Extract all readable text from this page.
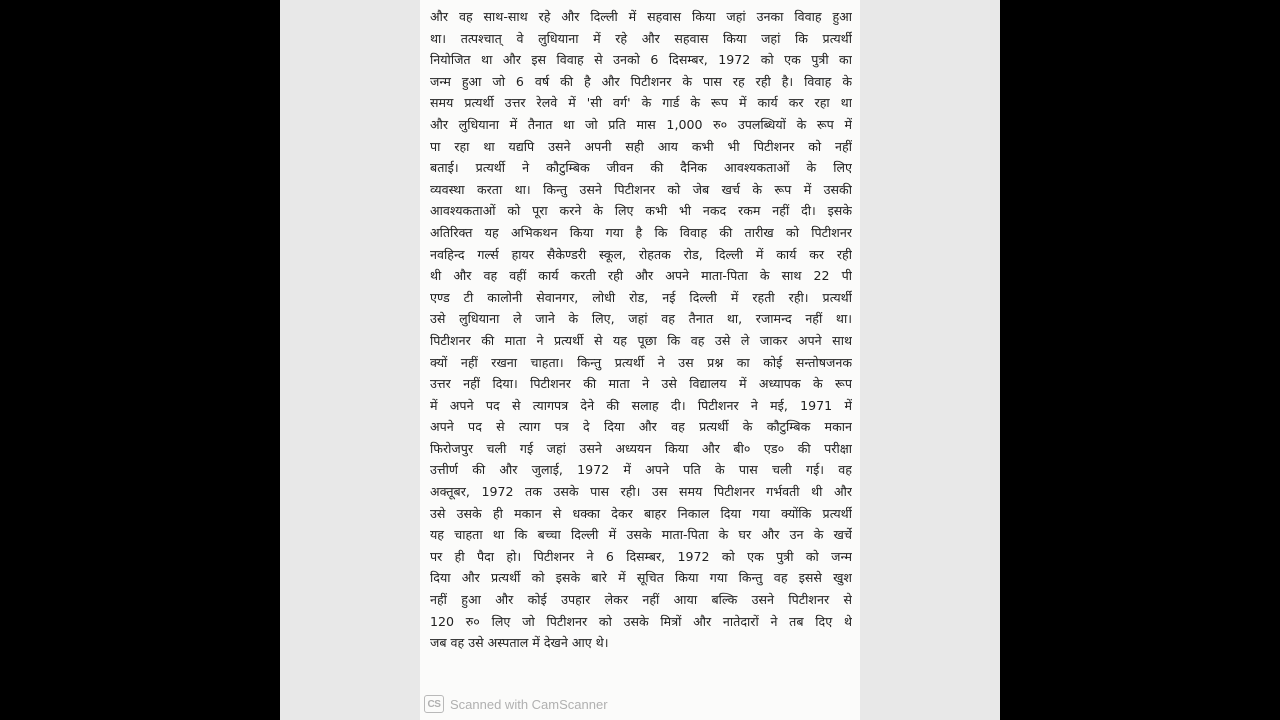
और वह साथ-साथ रहे और दिल्ली में सहवास किया जहां उनका विवाह हुआ
था। तत्पश्चात् वे लुधियाना में रहे और सहवास किया जहां कि प्रत्यर्थी
नियोजित था और इस विवाह से उनको 6 दिसम्बर, 1972 को एक पुत्री का
जन्म हुआ जो 6 वर्ष की है और पिटीशनर के पास रह रही है। विवाह के
समय प्रत्यर्थी उत्तर रेलवे में 'सी वर्ग' के गार्ड के रूप में कार्य कर रहा था
और लुधियाना में तैनात था जो प्रति मास 1,000 रु० उपलब्धियों के रूप में
पा रहा था यद्यपि उसने अपनी सही आय कभी भी पिटीशनर को नहीं
बताई। प्रत्यर्थी ने कौटुम्बिक जीवन की दैनिक आवश्यकताओं के लिए
व्यवस्था करता था। किन्तु उसने पिटीशनर को जेब खर्च के रूप में उसकी
आवश्यकताओं को पूरा करने के लिए कभी भी नकद रकम नहीं दी। इसके
अतिरिक्त यह अभिकथन किया गया है कि विवाह की तारीख को पिटीशनर
नवहिन्द गर्ल्स हायर सैकेण्डरी स्कूल, रोहतक रोड, दिल्ली में कार्य कर रही
थी और वह वहीं कार्य करती रही और अपने माता-पिता के साथ 22 पी
एण्ड टी कालोनी सेवानगर, लोधी रोड, नई दिल्ली में रहती रही। प्रत्यर्थी
उसे लुधियाना ले जाने के लिए, जहां वह तैनात था, रजामन्द नहीं था।
पिटीशनर की माता ने प्रत्यर्थी से यह पूछा कि वह उसे ले जाकर अपने साथ
क्यों नहीं रखना चाहता। किन्तु प्रत्यर्थी ने उस प्रश्न का कोई सन्तोषजनक
उत्तर नहीं दिया। पिटीशनर की माता ने उसे विद्यालय में अध्यापक के रूप
में अपने पद से त्यागपत्र देने की सलाह दी। पिटीशनर ने मई, 1971 में
अपने पद से त्याग पत्र दे दिया और वह प्रत्यर्थी के कौटुम्बिक मकान
फिरोजपुर चली गई जहां उसने अध्ययन किया और बी० एड० की परीक्षा
उत्तीर्ण की और जुलाई, 1972 में अपने पति के पास चली गई। वह
अक्तूबर, 1972 तक उसके पास रही। उस समय पिटीशनर गर्भवती थी और
उसे उसके ही मकान से धक्का देकर बाहर निकाल दिया गया क्योंकि प्रत्यर्थी
यह चाहता था कि बच्चा दिल्ली में उसके माता-पिता के घर और उन के खर्चे
पर ही पैदा हो। पिटीशनर ने 6 दिसम्बर, 1972 को एक पुत्री को जन्म
दिया और प्रत्यर्थी को इसके बारे में सूचित किया गया किन्तु वह इससे खुश
नहीं हुआ और कोई उपहार लेकर नहीं आया बल्कि उसने पिटीशनर से
120 रु० लिए जो पिटीशनर को उसके मित्रों और नातेदारों ने तब दिए थे
जब वह उसे अस्पताल में देखने आए थे।
CS Scanned with CamScanner
